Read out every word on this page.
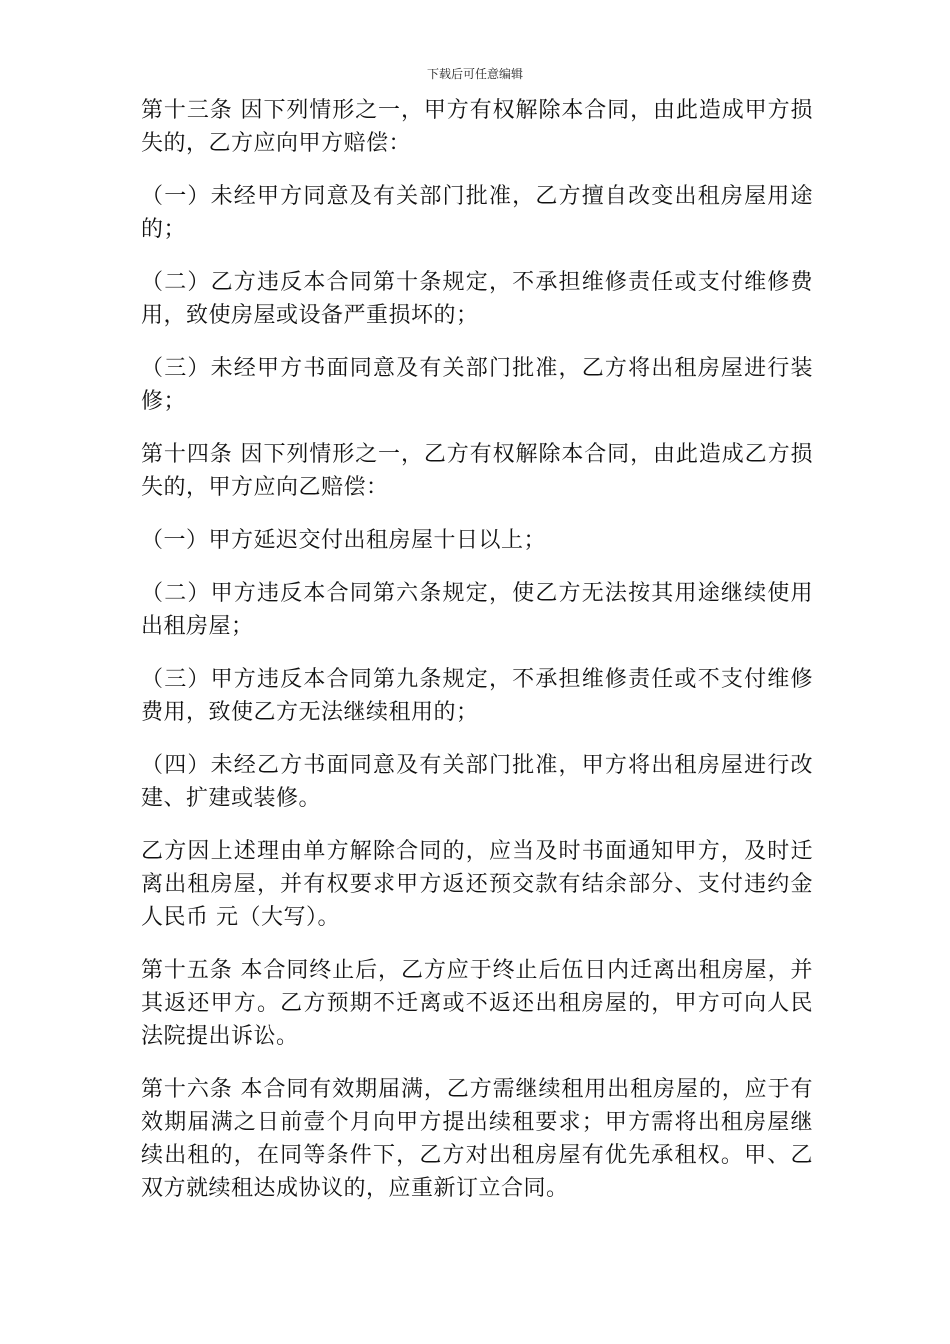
下载后可任意编辑

第十三条 因下列情形之一，甲方有权解除本合同，由此造成甲方损失的，乙方应向甲方赔偿：

（一）未经甲方同意及有关部门批准，乙方擅自改变出租房屋用途的；

（二）乙方违反本合同第十条规定，不承担维修责任或支付维修费用，致使房屋或设备严重损坏的；

（三）未经甲方书面同意及有关部门批准，乙方将出租房屋进行装修；

第十四条 因下列情形之一，乙方有权解除本合同，由此造成乙方损失的，甲方应向乙赔偿：

（一）甲方延迟交付出租房屋十日以上；

（二）甲方违反本合同第六条规定，使乙方无法按其用途继续使用出租房屋；

（三）甲方违反本合同第九条规定，不承担维修责任或不支付维修费用，致使乙方无法继续租用的；

（四）未经乙方书面同意及有关部门批准，甲方将出租房屋进行改建、扩建或装修。

乙方因上述理由单方解除合同的，应当及时书面通知甲方，及时迁离出租房屋，并有权要求甲方返还预交款有结余部分、支付违约金人民币 元（大写）。

第十五条 本合同终止后，乙方应于终止后伍日内迁离出租房屋，并其返还甲方。乙方预期不迁离或不返还出租房屋的，甲方可向人民法院提出诉讼。

第十六条 本合同有效期届满，乙方需继续租用出租房屋的，应于有效期届满之日前壹个月向甲方提出续租要求；甲方需将出租房屋继续出租的，在同等条件下，乙方对出租房屋有优先承租权。甲、乙双方就续租达成协议的，应重新订立合同。
